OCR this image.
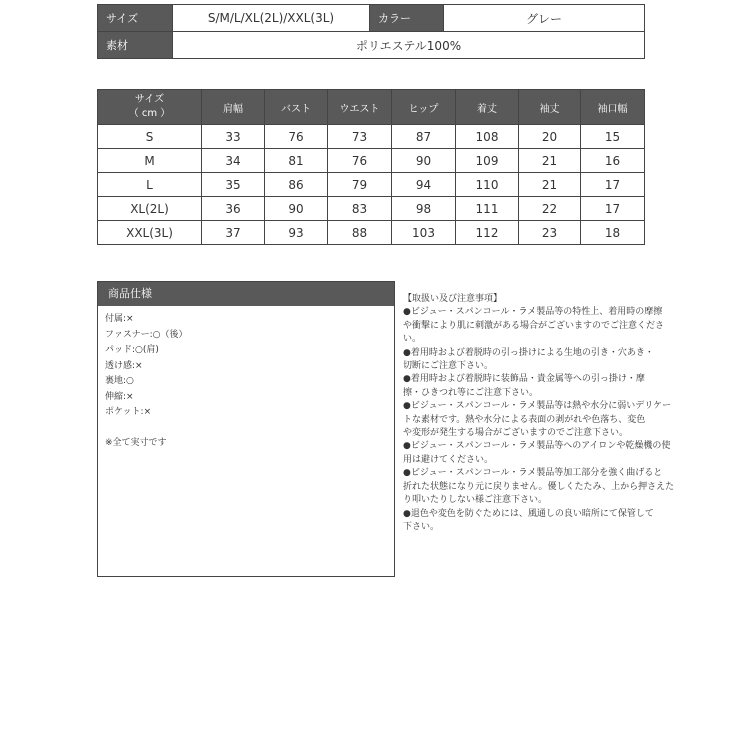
サイズ	S/M/L/XL(2L)/XXL(3L)	カラー	グレー
素材	ポリエステル100%		
サイズ
（ cm ）	肩幅	バスト	ウエスト	ヒップ	着丈	袖丈	袖口幅
S	33	76	73	87	108	20	15
M	34	81	76	90	109	21	16
L	35	86	79	94	110	21	17
XL(2L)	36	90	83	98	111	22	17
XXL(3L)	37	93	88	103	112	23	18
商品仕様
付属:×
ファスナー:○（後）
パッド:○(肩)
透け感:×
裏地:○
伸縮:×
ポケット:×
※全て実寸です
【取扱い及び注意事項】
●ビジュー・スパンコール・ラメ製品等の特性上、着用時の摩擦
や衝撃により肌に刺激がある場合がございますのでご注意くださ
い。
●着用時および着脱時の引っ掛けによる生地の引き・穴あき・
切断にご注意下さい。
●着用時および着脱時に装飾品・貴金属等への引っ掛け・摩
擦・ひきつれ等にご注意下さい。
●ビジュー・スパンコール・ラメ製品等は熱や水分に弱いデリケー
トな素材です。熱や水分による表面の剥がれや色落ち、変色
や変形が発生する場合がございますのでご注意下さい。
●ビジュー・スパンコール・ラメ製品等へのアイロンや乾燥機の使
用は避けてください。
●ビジュー・スパンコール・ラメ製品等加工部分を強く曲げると
折れた状態になり元に戻りません。優しくたたみ、上から押さえた
り叩いたりしない様ご注意下さい。
●退色や変色を防ぐためには、風通しの良い暗所にて保管して
下さい。
